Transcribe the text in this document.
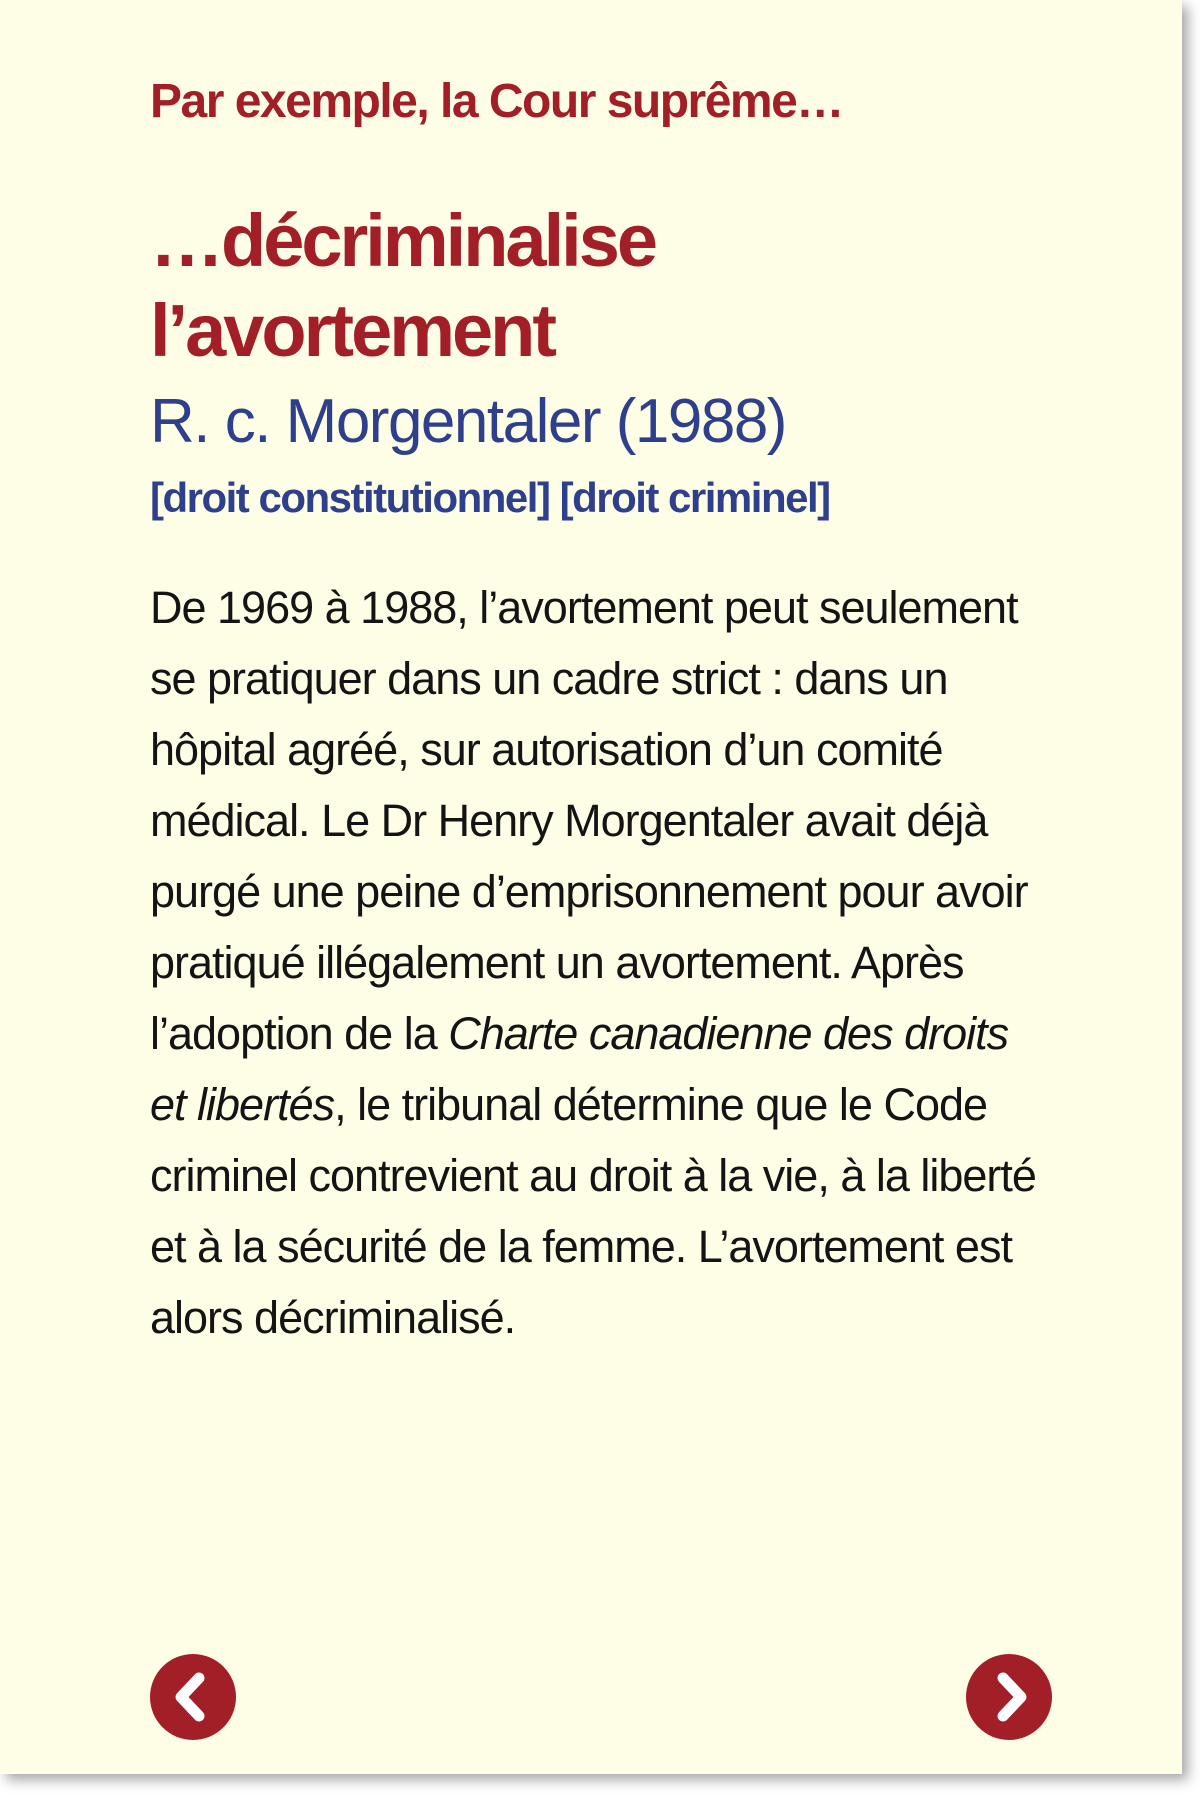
Par exemple, la Cour suprême…

…décriminalise l’avortement

R. c. Morgentaler (1988)

[droit constitutionnel] [droit criminel]

De 1969 à 1988, l’avortement peut seulement se pratiquer dans un cadre strict : dans un hôpital agréé, sur autorisation d’un comité médical. Le Dr Henry Morgentaler avait déjà purgé une peine d’emprisonnement pour avoir pratiqué illégalement un avortement. Après l’adoption de la Charte canadienne des droits et libertés, le tribunal détermine que le Code criminel contrevient au droit à la vie, à la liberté et à la sécurité de la femme. L’avortement est alors décriminalisé.
